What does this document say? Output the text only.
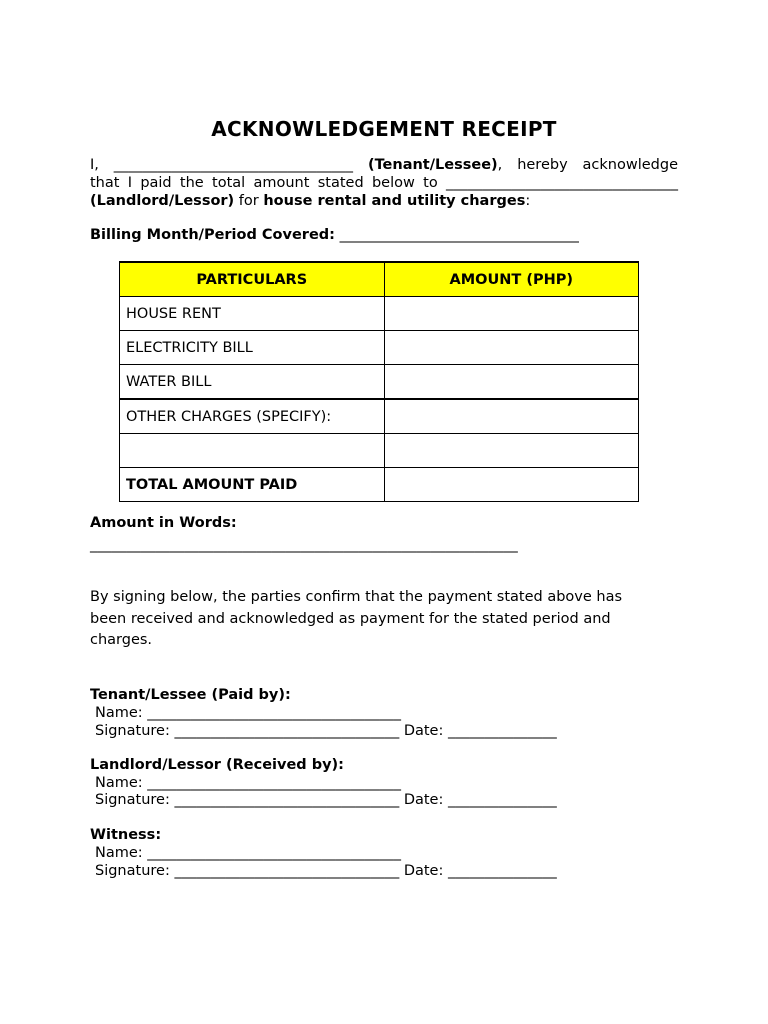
ACKNOWLEDGEMENT RECEIPT
I, _________________________________ (Tenant/Lessee), hereby acknowledge
that I paid the total amount stated below to ________________________________
(Landlord/Lessor) for house rental and utility charges:
Billing Month/Period Covered: _________________________________
PARTICULARS	AMOUNT (PHP)
HOUSE RENT	
ELECTRICITY BILL	
WATER BILL	
OTHER CHARGES (SPECIFY):	

TOTAL AMOUNT PAID	
Amount in Words:
___________________________________________________________
By signing below, the parties confirm that the payment stated above has been received and acknowledged as payment for the stated period and charges.
Tenant/Lessee (Paid by):
Name: ___________________________________
Signature: _______________________________ Date: _______________
Landlord/Lessor (Received by):
Name: ___________________________________
Signature: _______________________________ Date: _______________
Witness:
Name: ___________________________________
Signature: _______________________________ Date: _______________
